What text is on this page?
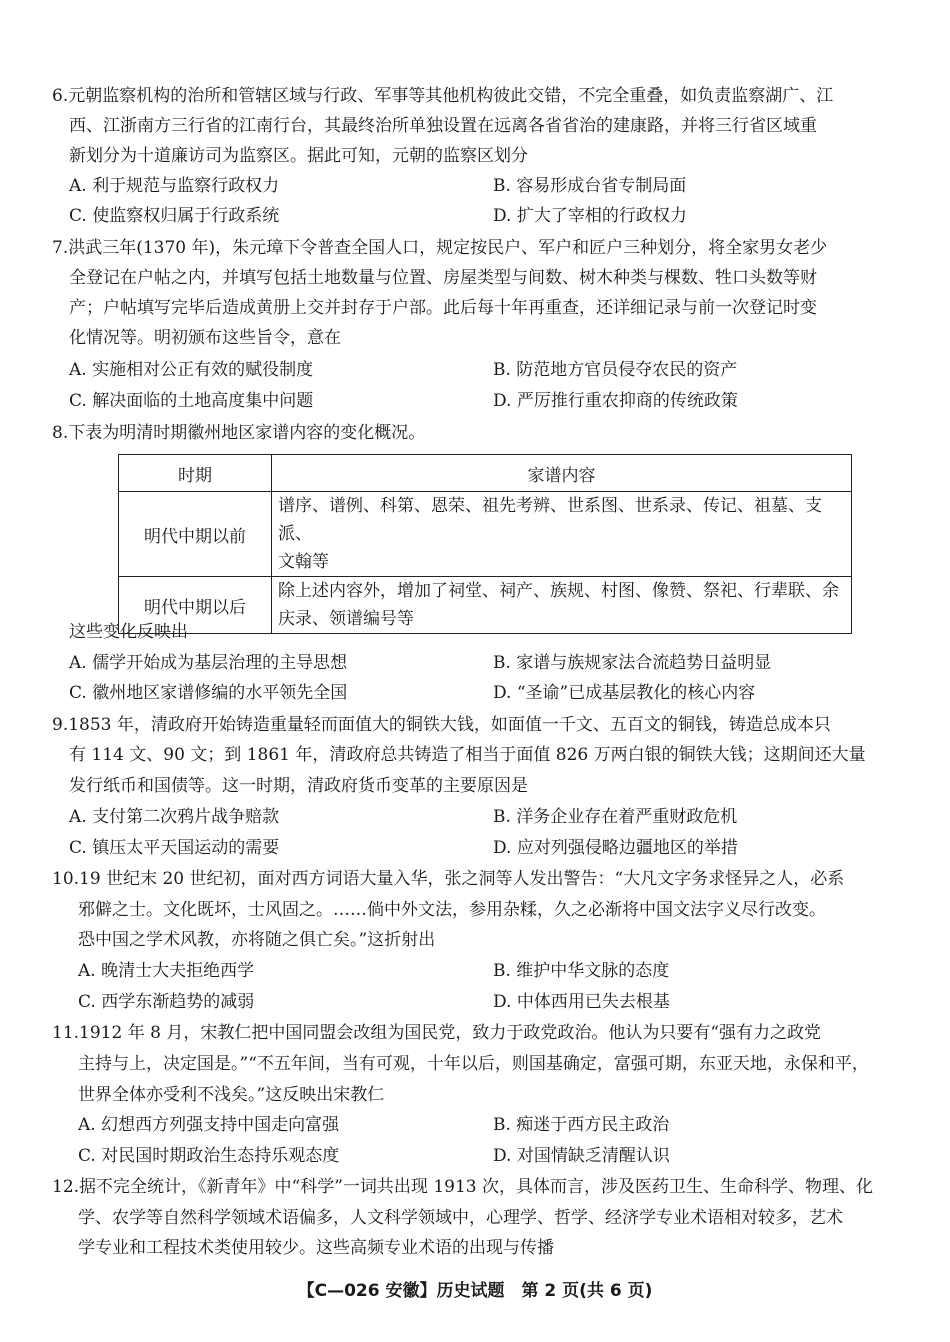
6.元朝监察机构的治所和管辖区域与行政、军事等其他机构彼此交错，不完全重叠，如负责监察湖广、江
西、江浙南方三行省的江南行台，其最终治所单独设置在远离各省省治的建康路，并将三行省区域重
新划分为十道廉访司为监察区。据此可知，元朝的监察区划分
A. 利于规范与监察行政权力	B. 容易形成台省专制局面
C. 使监察权归属于行政系统	D. 扩大了宰相的行政权力
7.洪武三年(1370 年)，朱元璋下令普查全国人口，规定按民户、军户和匠户三种划分，将全家男女老少
全登记在户帖之内，并填写包括土地数量与位置、房屋类型与间数、树木种类与棵数、牲口头数等财
产；户帖填写完毕后造成黄册上交并封存于户部。此后每十年再重查，还详细记录与前一次登记时变
化情况等。明初颁布这些旨令，意在
A. 实施相对公正有效的赋役制度	B. 防范地方官员侵夺农民的资产
C. 解决面临的土地高度集中问题	D. 严厉推行重农抑商的传统政策
8.下表为明清时期徽州地区家谱内容的变化概况。
时期	家谱内容
明代中期以前	谱序、谱例、科第、恩荣、祖先考辨、世系图、世系录、传记、祖墓、支派、
文翰等

明代中期以后	除上述内容外，增加了祠堂、祠产、族规、村图、像赞、祭祀、行辈联、余
庆录、领谱编号等
这些变化反映出
A. 儒学开始成为基层治理的主导思想	B. 家谱与族规家法合流趋势日益明显
C. 徽州地区家谱修编的水平领先全国	D. “圣谕”已成基层教化的核心内容
9.1853 年，清政府开始铸造重量轻而面值大的铜铁大钱，如面值一千文、五百文的铜钱，铸造总成本只
有 114 文、90 文；到 1861 年，清政府总共铸造了相当于面值 826 万两白银的铜铁大钱；这期间还大量
发行纸币和国债等。这一时期，清政府货币变革的主要原因是
A. 支付第二次鸦片战争赔款	B. 洋务企业存在着严重财政危机
C. 镇压太平天国运动的需要	D. 应对列强侵略边疆地区的举措
10.19 世纪末 20 世纪初，面对西方词语大量入华，张之洞等人发出警告：“大凡文字务求怪异之人，必系
邪僻之士。文化既坏，士风固之。……倘中外文法，参用杂糅，久之必渐将中国文法字义尽行改变。
恐中国之学术风教，亦将随之俱亡矣。”这折射出
A. 晚清士大夫拒绝西学	B. 维护中华文脉的态度
C. 西学东渐趋势的减弱	D. 中体西用已失去根基
11.1912 年 8 月，宋教仁把中国同盟会改组为国民党，致力于政党政治。他认为只要有“强有力之政党
主持与上，决定国是。”“不五年间，当有可观，十年以后，则国基确定，富强可期，东亚天地，永保和平，
世界全体亦受利不浅矣。”这反映出宋教仁
A. 幻想西方列强支持中国走向富强	B. 痴迷于西方民主政治
C. 对民国时期政治生态持乐观态度	D. 对国情缺乏清醒认识
12.据不完全统计，《新青年》中“科学”一词共出现 1913 次，具体而言，涉及医药卫生、生命科学、物理、化
学、农学等自然科学领域术语偏多，人文科学领域中，心理学、哲学、经济学专业术语相对较多，艺术
学专业和工程技术类使用较少。这些高频专业术语的出现与传播
【C—026 安徽】历史试题　第 2 页(共 6 页)
